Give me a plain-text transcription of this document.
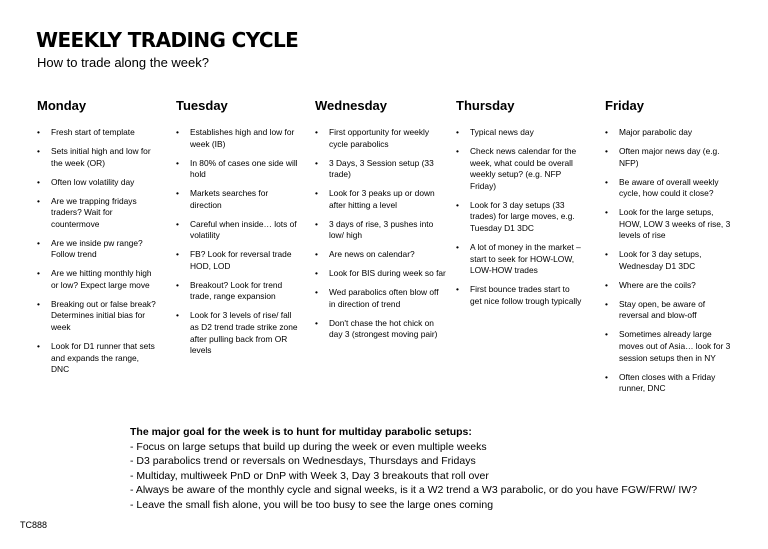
WEEKLY TRADING CYCLE

How to trade along the week?

Monday
• Fresh start of template
• Sets initial high and low for the week (OR)
• Often low volatility day
• Are we trapping fridays traders? Wait for countermove
• Are we inside pw range? Follow trend
• Are we hitting monthly high or low? Expect large move
• Breaking out or false break? Determines initial bias for week
• Look for D1 runner that sets and expands the range, DNC
Tuesday
• Establishes high and low for week (IB)
• In 80% of cases one side will hold
• Markets searches for direction
• Careful when inside… lots of volatility
• FB? Look for reversal trade HOD, LOD
• Breakout? Look for trend trade, range expansion
• Look for 3 levels of rise/ fall as D2 trend trade strike zone after pulling back from OR levels
Wednesday
• First opportunity for weekly cycle parabolics
• 3 Days, 3 Session setup (33 trade)
• Look for 3 peaks up or down after hitting a level
• 3 days of rise, 3 pushes into low/ high
• Are news on calendar?
• Look for BIS during week so far
• Wed parabolics often blow off in direction of trend
• Don't chase the hot chick on day 3 (strongest moving pair)
Thursday
• Typical news day
• Check news calendar for the week, what could be overall weekly setup? (e.g. NFP Friday)
• Look for 3 day setups (33 trades) for large moves, e.g. Tuesday D1 3DC
• A lot of money in the market – start to seek for HOW-LOW, LOW-HOW trades
• First bounce trades start to get nice follow trough typically
Friday
• Major parabolic day
• Often major news day (e.g. NFP)
• Be aware of overall weekly cycle, how could it close?
• Look for the large setups, HOW, LOW 3 weeks of rise, 3 levels of rise
• Look for 3 day setups, Wednesday D1 3DC
• Where are the coils?
• Stay open, be aware of reversal and blow-off
• Sometimes already large moves out of Asia… look for 3 session setups then in NY
• Often closes with a Friday runner, DNC

The major goal for the week is to hunt for multiday parabolic setups:

- Focus on large setups that build up during the week or even multiple weeks
- D3 parabolics trend or reversals on Wednesdays, Thursdays and Fridays
- Multiday, multiweek PnD or DnP with Week 3, Day 3 breakouts that roll over
- Always be aware of the monthly cycle and signal weeks, is it a W2 trend a W3 parabolic, or do you have FGW/FRW/ IW?
- Leave the small fish alone, you will be too busy to see the large ones coming
TC888
